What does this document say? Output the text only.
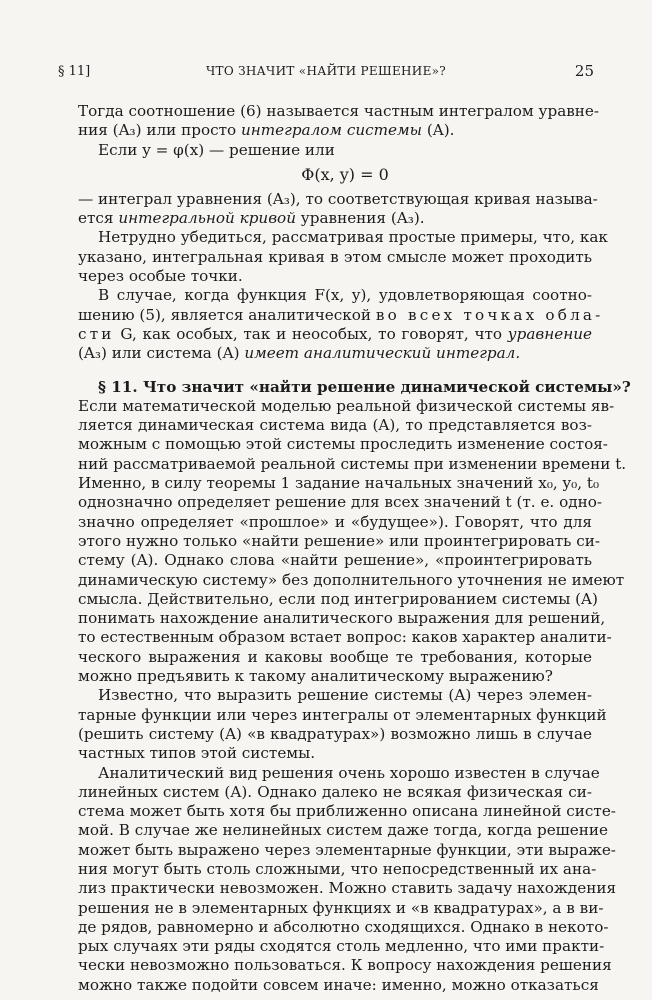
§ 11]	ЧТО ЗНАЧИТ «НАЙТИ РЕШЕНИЕ»?	25
Тогда соотношение (6) называется частным интегралом уравне-
ния (A₃) или просто интегралом системы (A).
Если y = φ(x) — решение или
Φ(x, y) = 0
— интеграл уравнения (A₃), то соответствующая кривая называ-
ется интегральной кривой уравнения (A₃).
Нетрудно убедиться, рассматривая простые примеры, что, как
указано, интегральная кривая в этом смысле может проходить
через особые точки.
В случае, когда функция F(x, y), удовлетворяющая соотно-
шению (5), является аналитической во всех точках обла-
сти G, как особых, так и неособых, то говорят, что уравнение
(A₃) или система (A) имеет аналитический интеграл.
§ 11. Что значит «найти решение динамической системы»?
Если математической моделью реальной физической системы яв-
ляется динамическая система вида (A), то представляется воз-
можным с помощью этой системы проследить изменение состоя-
ний рассматриваемой реальной системы при изменении времени t.
Именно, в силу теоремы 1 задание начальных значений x₀, y₀, t₀
однозначно определяет решение для всех значений t (т. е. одно-
значно определяет «прошлое» и «будущее»). Говорят, что для
этого нужно только «найти решение» или проинтегрировать си-
стему (A). Однако слова «найти решение», «проинтегрировать
динамическую систему» без дополнительного уточнения не имеют
смысла. Действительно, если под интегрированием системы (A)
понимать нахождение аналитического выражения для решений,
то естественным образом встает вопрос: каков характер аналити-
ческого выражения и каковы вообще те требования, которые
можно предъявить к такому аналитическому выражению?
Известно, что выразить решение системы (A) через элемен-
тарные функции или через интегралы от элементарных функций
(решить систему (A) «в квадратурах») возможно лишь в случае
частных типов этой системы.
Аналитический вид решения очень хорошо известен в случае
линейных систем (A). Однако далеко не всякая физическая си-
стема может быть хотя бы приближенно описана линейной систе-
мой. В случае же нелинейных систем даже тогда, когда решение
может быть выражено через элементарные функции, эти выраже-
ния могут быть столь сложными, что непосредственный их ана-
лиз практически невозможен. Можно ставить задачу нахождения
решения не в элементарных функциях и «в квадратурах», а в ви-
де рядов, равномерно и абсолютно сходящихся. Однако в некото-
рых случаях эти ряды сходятся столь медленно, что ими практи-
чески невозможно пользоваться. К вопросу нахождения решения
можно также подойти совсем иначе: именно, можно отказаться
